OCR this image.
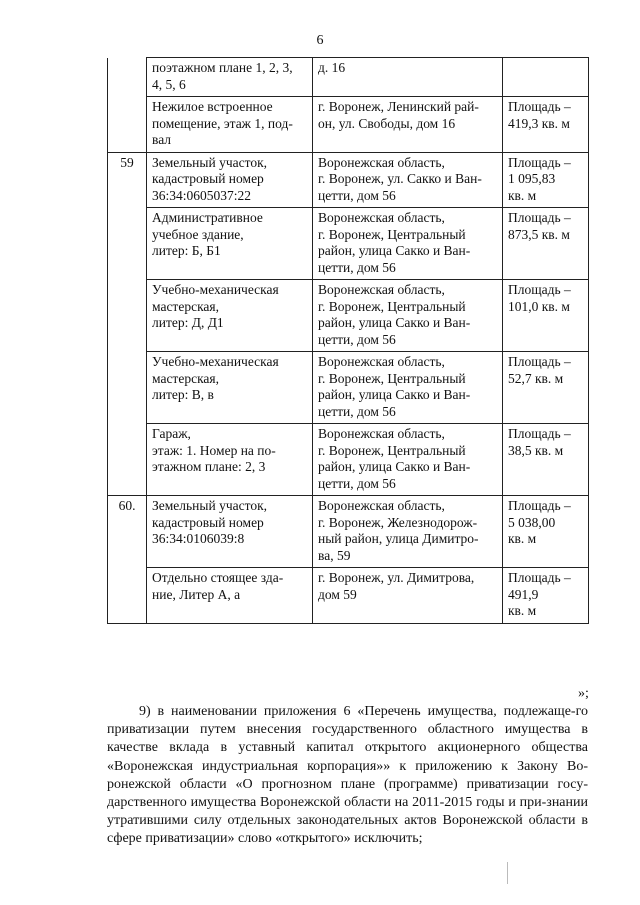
6
	поэтажном плане 1, 2, 3,
4, 5, 6	д. 16	
	Нежилое встроенное
помещение, этаж 1, под-
вал	г. Воронеж, Ленинский рай-
он, ул. Свободы, дом 16	Площадь –
419,3 кв. м
59	Земельный участок,
кадастровый номер
36:34:0605037:22	Воронежская область,
г. Воронеж, ул. Сакко и Ван-
цетти, дом 56	Площадь –
1 095,83
кв. м
	Административное
учебное здание,
литер: Б, Б1	Воронежская область,
г. Воронеж, Центральный
район, улица Сакко и Ван-
цетти, дом 56	Площадь –
873,5 кв. м
	Учебно-механическая
мастерская,
литер: Д, Д1	Воронежская область,
г. Воронеж, Центральный
район, улица Сакко и Ван-
цетти, дом 56	Площадь –
101,0 кв. м
	Учебно-механическая
мастерская,
литер: В, в	Воронежская область,
г. Воронеж, Центральный
район, улица Сакко и Ван-
цетти, дом 56	Площадь –
52,7 кв. м
	Гараж,
этаж: 1. Номер на по-
этажном плане: 2, 3	Воронежская область,
г. Воронеж, Центральный
район, улица Сакко и Ван-
цетти, дом 56	Площадь –
38,5 кв. м
60.	Земельный участок,
кадастровый номер
36:34:0106039:8	Воронежская область,
г. Воронеж, Железнодорож-
ный район, улица Димитро-
ва, 59	Площадь –
5 038,00
кв. м
	Отдельно стоящее зда-
ние, Литер А, а	г. Воронеж, ул. Димитрова,
дом 59	Площадь –
491,9
кв. м
»;
9) в наименовании приложения 6 «Перечень имущества, подлежаще-го приватизации путем внесения государственного областного имущества в качестве вклада в уставный капитал открытого акционерного общества «Воронежская индустриальная корпорация»» к приложению к Закону Во-ронежской области «О прогнозном плане (программе) приватизации госу-дарственного имущества Воронежской области на 2011-2015 годы и при-знании утратившими силу отдельных законодательных актов Воронежской области в сфере приватизации» слово «открытого» исключить;
